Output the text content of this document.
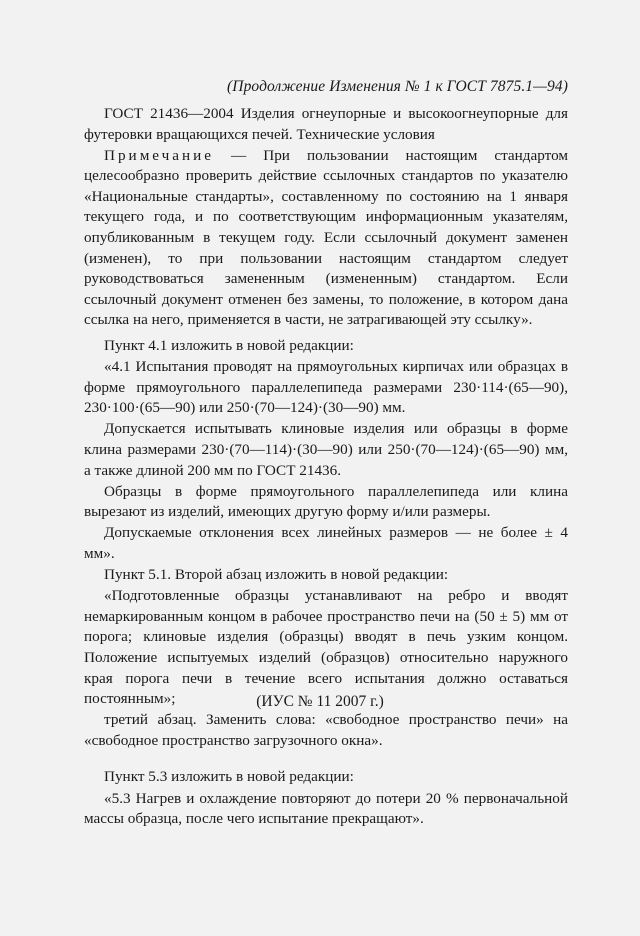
(Продолжение Изменения № 1 к ГОСТ 7875.1—94)

ГОСТ 21436—2004 Изделия огнеупорные и высокоогнеупорные для футеровки вращающихся печей. Технические условия

Примечание — При пользовании настоящим стандартом целесообразно проверить действие ссылочных стандартов по указателю «Национальные стандарты», составленному по состоянию на 1 января текущего года, и по соответствующим информационным указателям, опубликованным в текущем году. Если ссылочный документ заменен (изменен), то при пользовании настоящим стандартом следует руководствоваться замененным (измененным) стандартом. Если ссылочный документ отменен без замены, то положение, в котором дана ссылка на него, применяется в части, не затрагивающей эту ссылку».

Пункт 4.1 изложить в новой редакции:

«4.1 Испытания проводят на прямоугольных кирпичах или образцах в форме прямоугольного параллелепипеда размерами 230·114·(65—90), 230·100·(65—90) или 250·(70—124)·(30—90) мм.

Допускается испытывать клиновые изделия или образцы в форме клина размерами 230·(70—114)·(30—90) или 250·(70—124)·(65—90) мм, а также длиной 200 мм по ГОСТ 21436.

Образцы в форме прямоугольного параллелепипеда или клина вырезают из изделий, имеющих другую форму и/или размеры.

Допускаемые отклонения всех линейных размеров — не более ± 4 мм».

Пункт 5.1. Второй абзац изложить в новой редакции:

«Подготовленные образцы устанавливают на ребро и вводят немаркированным концом в рабочее пространство печи на (50 ± 5) мм от порога; клиновые изделия (образцы) вводят в печь узким концом. Положение испытуемых изделий (образцов) относительно наружного края порога печи в течение всего испытания должно оставаться постоянным»;

третий абзац. Заменить слова: «свободное пространство печи» на «свободное пространство загрузочного окна».

Пункт 5.3 изложить в новой редакции:

«5.3 Нагрев и охлаждение повторяют до потери 20 % первоначальной массы образца, после чего испытание прекращают».

(ИУС № 11 2007 г.)
